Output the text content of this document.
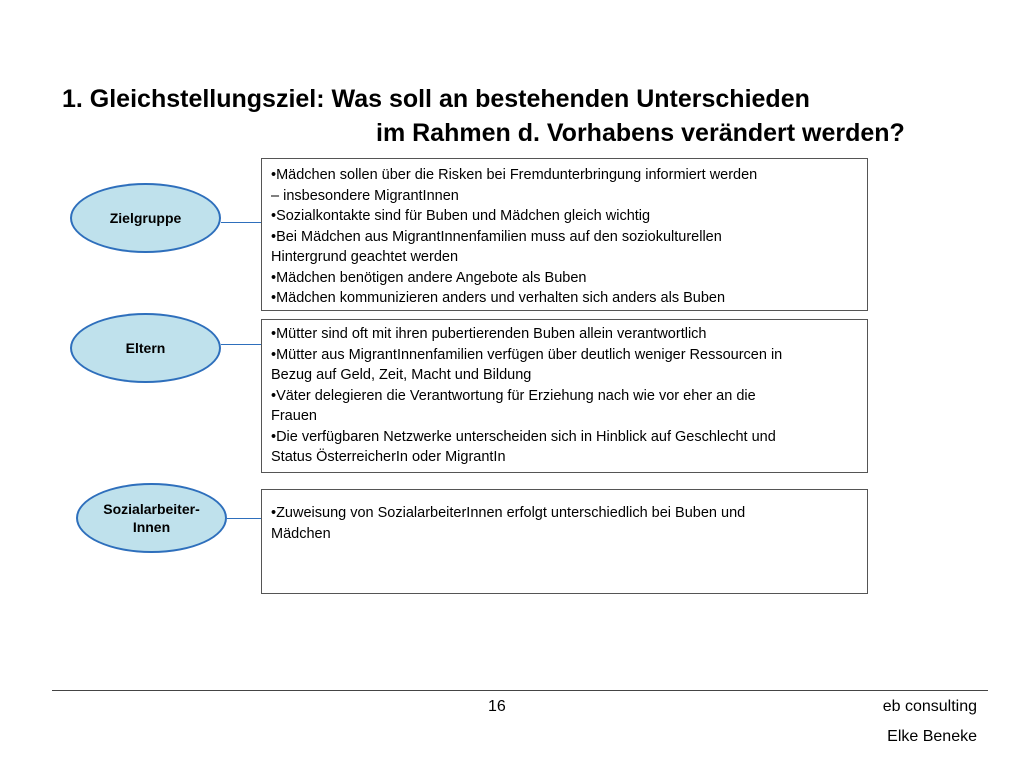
1. Gleichstellungsziel: Was soll an bestehenden Unterschieden
im Rahmen d. Vorhabens verändert werden?
Zielgruppe
•Mädchen sollen über die Risken bei Fremdunterbringung informiert werden
– insbesondere MigrantInnen
•Sozialkontakte sind für Buben und Mädchen gleich wichtig
•Bei Mädchen aus MigrantInnenfamilien muss auf den soziokulturellen
Hintergrund geachtet werden
•Mädchen benötigen andere Angebote als Buben
•Mädchen kommunizieren anders und verhalten sich anders als Buben
Eltern
•Mütter sind oft mit ihren pubertierenden Buben allein verantwortlich
•Mütter aus MigrantInnenfamilien verfügen über deutlich weniger Ressourcen in
Bezug auf Geld, Zeit, Macht und Bildung
•Väter delegieren die Verantwortung für Erziehung nach wie vor eher an die
Frauen
•Die verfügbaren Netzwerke unterscheiden sich in Hinblick auf Geschlecht und
Status ÖsterreicherIn oder MigrantIn
Sozialarbeiter-
Innen
•Zuweisung von SozialarbeiterInnen erfolgt unterschiedlich bei Buben und
Mädchen
16	eb consulting
Elke Beneke
